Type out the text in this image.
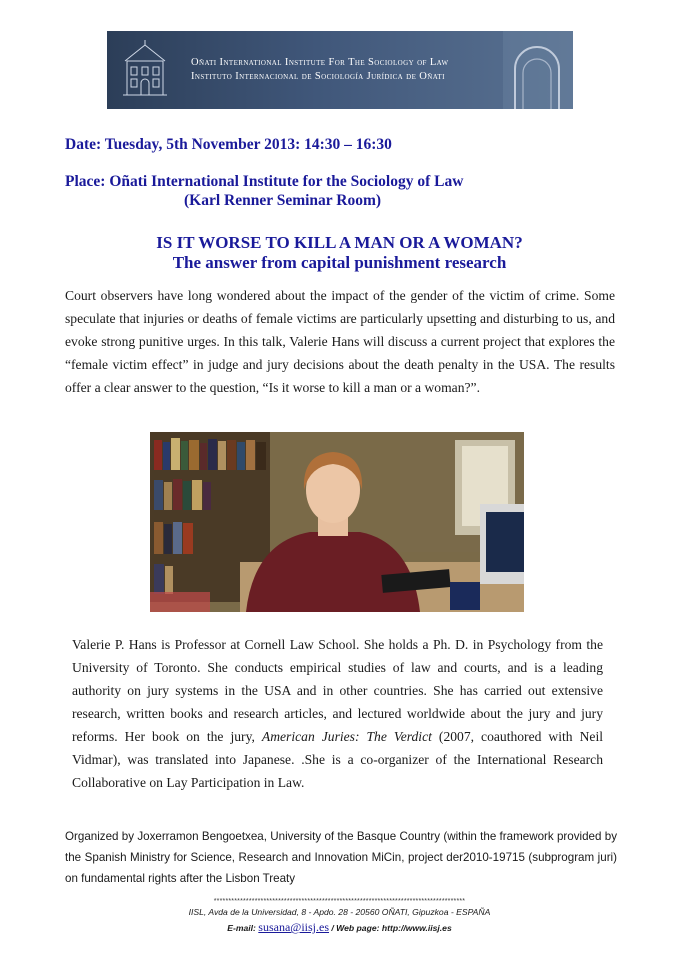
Oñati International Institute For The Sociology of Law
Instituto Internacional de Sociología Jurídica de Oñati
Date: Tuesday, 5th November 2013: 14:30 – 16:30
Place: Oñati International Institute for the Sociology of Law
(Karl Renner Seminar Room)
IS IT WORSE TO KILL A MAN OR A WOMAN?
The answer from capital punishment research

Court observers have long wondered about the impact of the gender of the victim of crime. Some speculate that injuries or deaths of female victims are particularly upsetting and disturbing to us, and evoke strong punitive urges. In this talk, Valerie Hans will discuss a current project that explores the “female victim effect” in judge and jury decisions about the death penalty in the USA. The results offer a clear answer to the question, “Is it worse to kill a man or a woman?”.

Valerie P. Hans is Professor at Cornell Law School. She holds a Ph. D. in Psychology from the University of Toronto. She conducts empirical studies of law and courts, and is a leading authority on jury systems in the USA and in other countries. She has carried out extensive research, written books and research articles, and lectured worldwide about the jury and jury reforms. Her book on the jury, American Juries: The Verdict (2007, coauthored with Neil Vidmar), was translated into Japanese. .She is a co-organizer of the International Research Collaborative on Lay Participation in Law.

Organized by Joxerramon Bengoetxea, University of the Basque Country (within the framework provided by the Spanish Ministry for Science, Research and Innovation MiCin, project der2010-19715 (subprogram juri) on fundamental rights after the Lisbon Treaty

**************************************************************************************
IISL, Avda de la Universidad, 8 - Apdo. 28 - 20560 OÑATI, Gipuzkoa - ESPAÑA
E-mail: susana@iisj.es / Web page: http://www.iisj.es
